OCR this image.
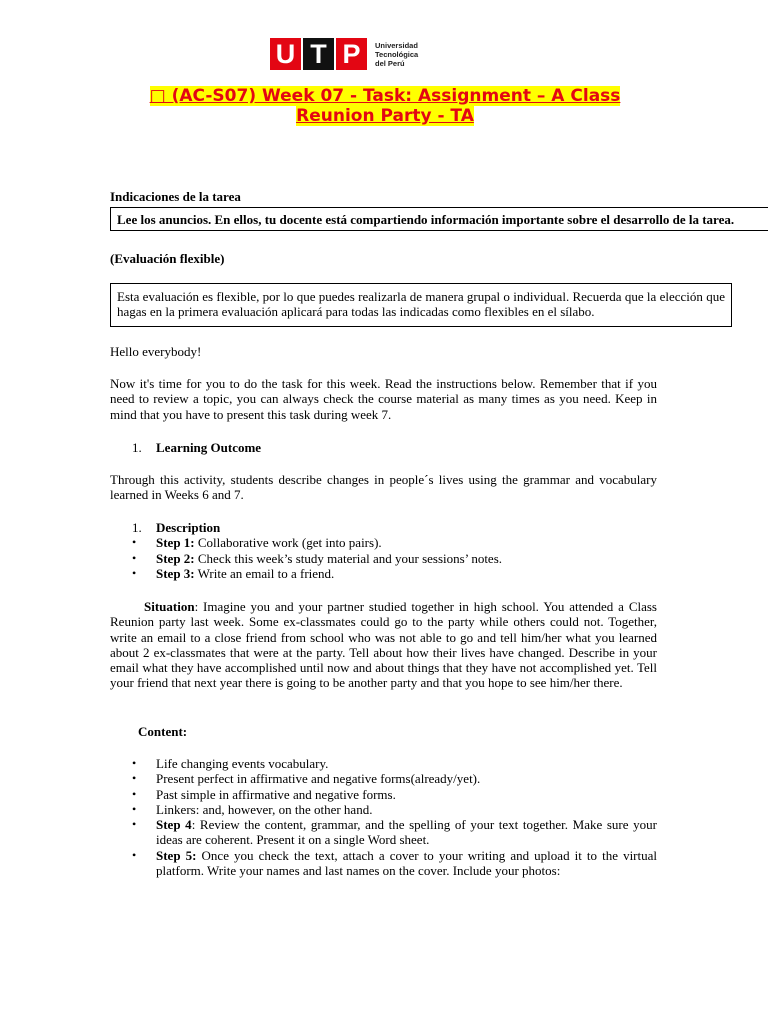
U T P	Universidad
Tecnológica
del Perú
□ (AC-S07) Week 07 - Task: Assignment – A Class
Reunion Party - TA
Indicaciones de la tarea
Lee los anuncios. En ellos, tu docente está compartiendo información importante sobre el desarrollo de la tarea.
(Evaluación flexible)
Esta evaluación es flexible, por lo que puedes realizarla de manera grupal o individual. Recuerda que la elección que hagas en la primera evaluación aplicará para todas las indicadas como flexibles en el sílabo.
Hello everybody!
Now it's time for you to do the task for this week. Read the instructions below. Remember that if you need to review a topic, you can always check the course material as many times as you need. Keep in mind that you have to present this task during week 7.
1. Learning Outcome
Through this activity, students describe changes in people´s lives using the grammar and vocabulary learned in Weeks 6 and 7.
1. Description
• Step 1: Collaborative work (get into pairs).
• Step 2: Check this week’s study material and your sessions’ notes.
• Step 3: Write an email to a friend.
Situation: Imagine you and your partner studied together in high school. You attended a Class Reunion party last week. Some ex-classmates could go to the party while others could not. Together, write an email to a close friend from school who was not able to go and tell him/her what you learned about 2 ex-classmates that were at the party. Tell about how their lives have changed. Describe in your email what they have accomplished until now and about things that they have not accomplished yet. Tell your friend that next year there is going to be another party and that you hope to see him/her there.
Content:
• Life changing events vocabulary.
• Present perfect in affirmative and negative forms(already/yet).
• Past simple in affirmative and negative forms.
• Linkers: and, however, on the other hand.
• Step 4: Review the content, grammar, and the spelling of your text together. Make sure your ideas are coherent. Present it on a single Word sheet.
• Step 5: Once you check the text, attach a cover to your writing and upload it to the virtual platform. Write your names and last names on the cover. Include your photos:
